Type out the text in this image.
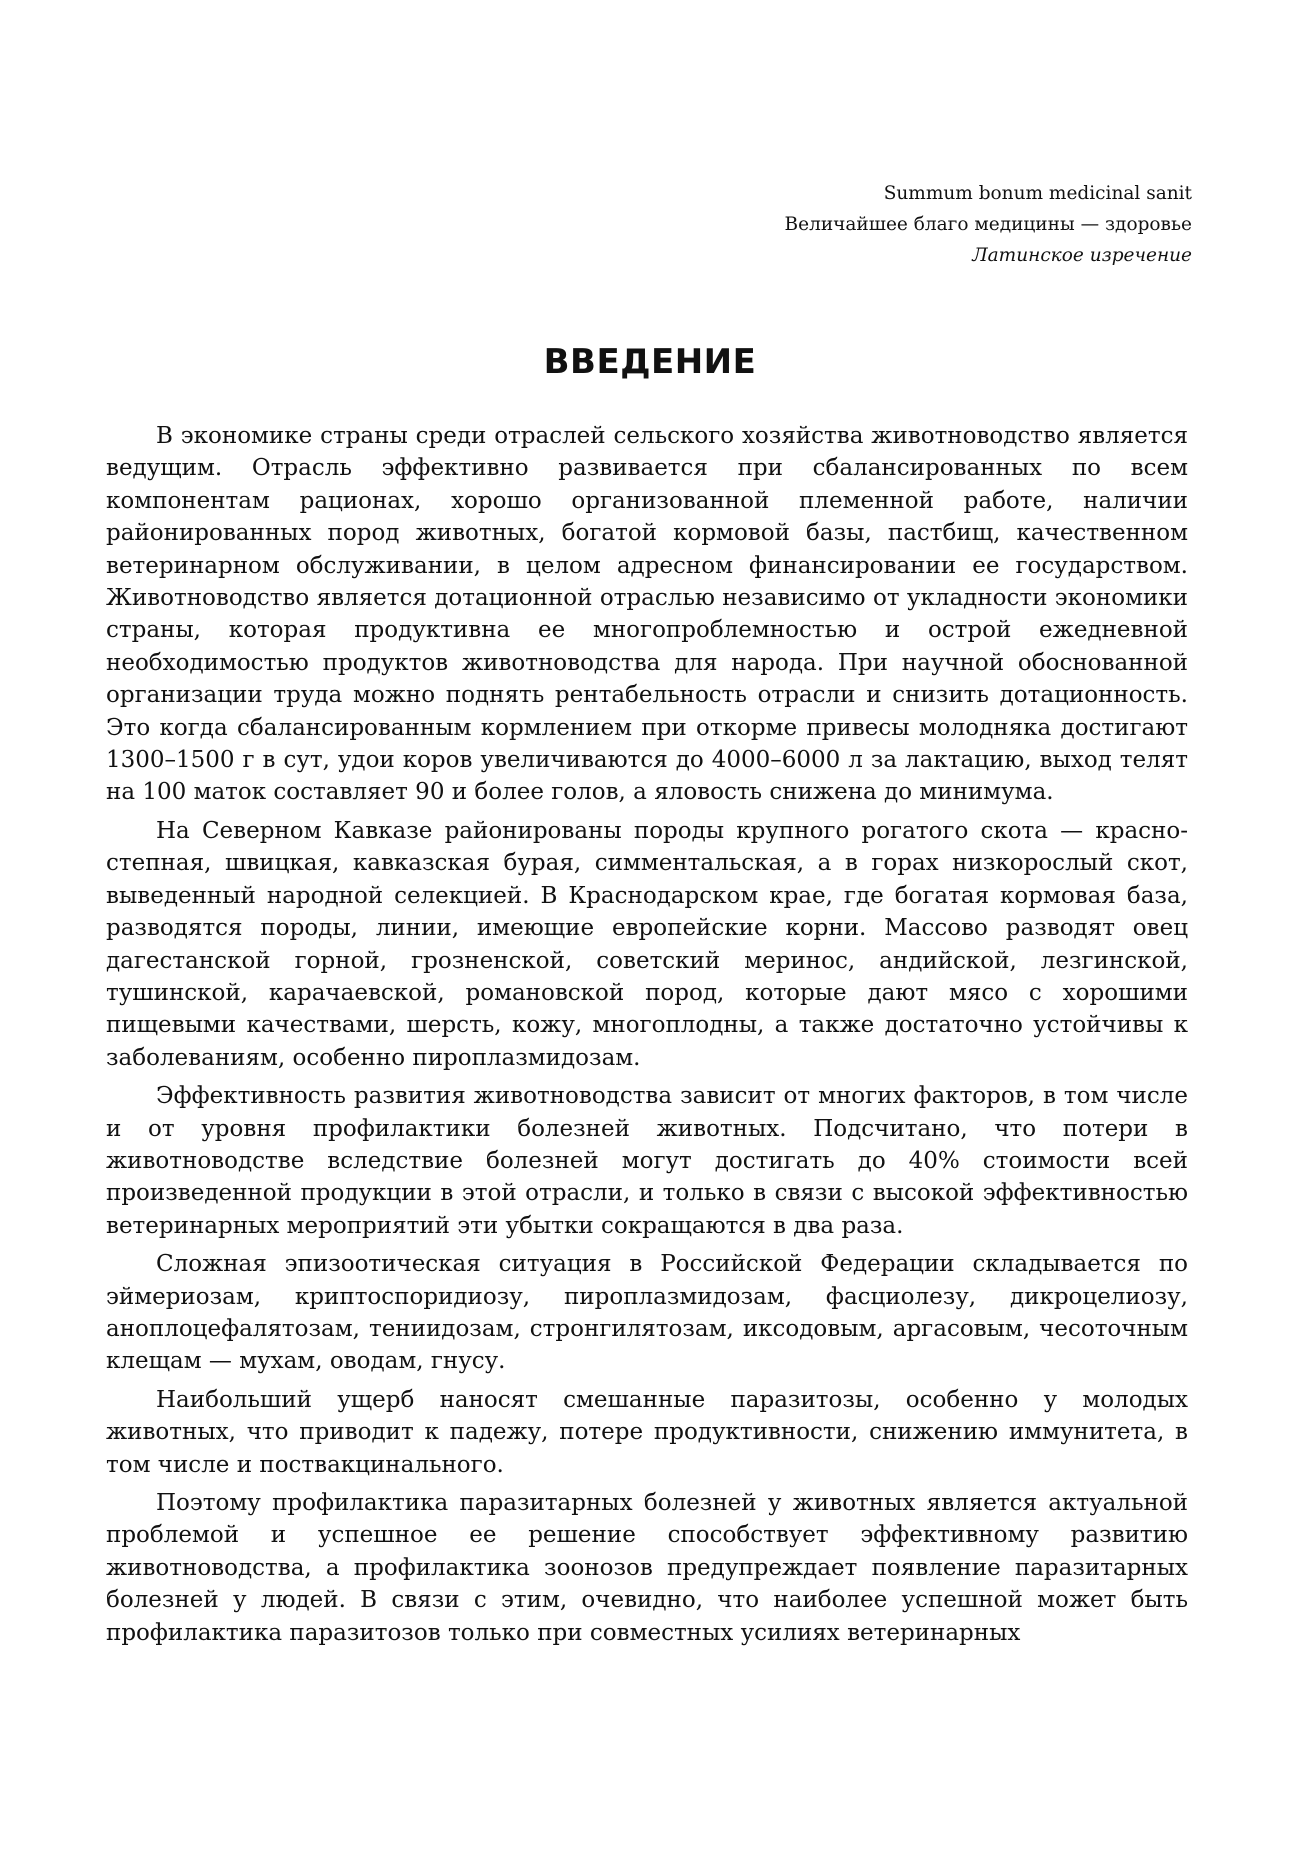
Summum bonum medicinal sanit
Величайшее благо медицины — здоровье
Латинское изречение
ВВЕДЕНИЕ

В экономике страны среди отраслей сельского хозяйства животноводство является ведущим. Отрасль эффективно развивается при сбалансированных по всем компонентам рационах, хорошо организованной племенной работе, наличии районированных пород животных, богатой кормовой базы, пастбищ, качественном ветеринарном обслуживании, в целом адресном финансировании ее государством. Животноводство является дотационной отраслью независимо от укладности экономики страны, которая продуктивна ее многопроблемностью и острой ежедневной необходимостью продуктов животноводства для народа. При научной обоснованной организации труда можно поднять рентабельность отрасли и снизить дотационность. Это когда сбалансированным кормлением при откорме привесы молодняка достигают 1300–1500 г в сут, удои коров увеличиваются до 4000–6000 л за лактацию, выход телят на 100 маток составляет 90 и более голов, а яловость снижена до минимума.

На Северном Кавказе районированы породы крупного рогатого скота — красно-степная, швицкая, кавказская бурая, симментальская, а в горах низкорослый скот, выведенный народной селекцией. В Краснодарском крае, где богатая кормовая база, разводятся породы, линии, имеющие европейские корни. Массово разводят овец дагестанской горной, грозненской, советский меринос, андийской, лезгинской, тушинской, карачаевской, романовской пород, которые дают мясо с хорошими пищевыми качествами, шерсть, кожу, многоплодны, а также достаточно устойчивы к заболеваниям, особенно пироплазмидозам.

Эффективность развития животноводства зависит от многих факторов, в том числе и от уровня профилактики болезней животных. Подсчитано, что потери в животноводстве вследствие болезней могут достигать до 40% стоимости всей произведенной продукции в этой отрасли, и только в связи с высокой эффективностью ветеринарных мероприятий эти убытки сокращаются в два раза.

Сложная эпизоотическая ситуация в Российской Федерации складывается по эймериозам, криптоспоридиозу, пироплазмидозам, фасциолезу, дикроцелиозу, аноплоцефалятозам, тениидозам, стронгилятозам, иксодовым, аргасовым, чесоточным клещам — мухам, оводам, гнусу.

Наибольший ущерб наносят смешанные паразитозы, особенно у молодых животных, что приводит к падежу, потере продуктивности, снижению иммунитета, в том числе и поствакцинального.

Поэтому профилактика паразитарных болезней у животных является актуальной проблемой и успешное ее решение способствует эффективному развитию животноводства, а профилактика зоонозов предупреждает появление паразитарных болезней у людей. В связи с этим, очевидно, что наиболее успешной может быть профилактика паразитозов только при совместных усилиях ветеринарных
